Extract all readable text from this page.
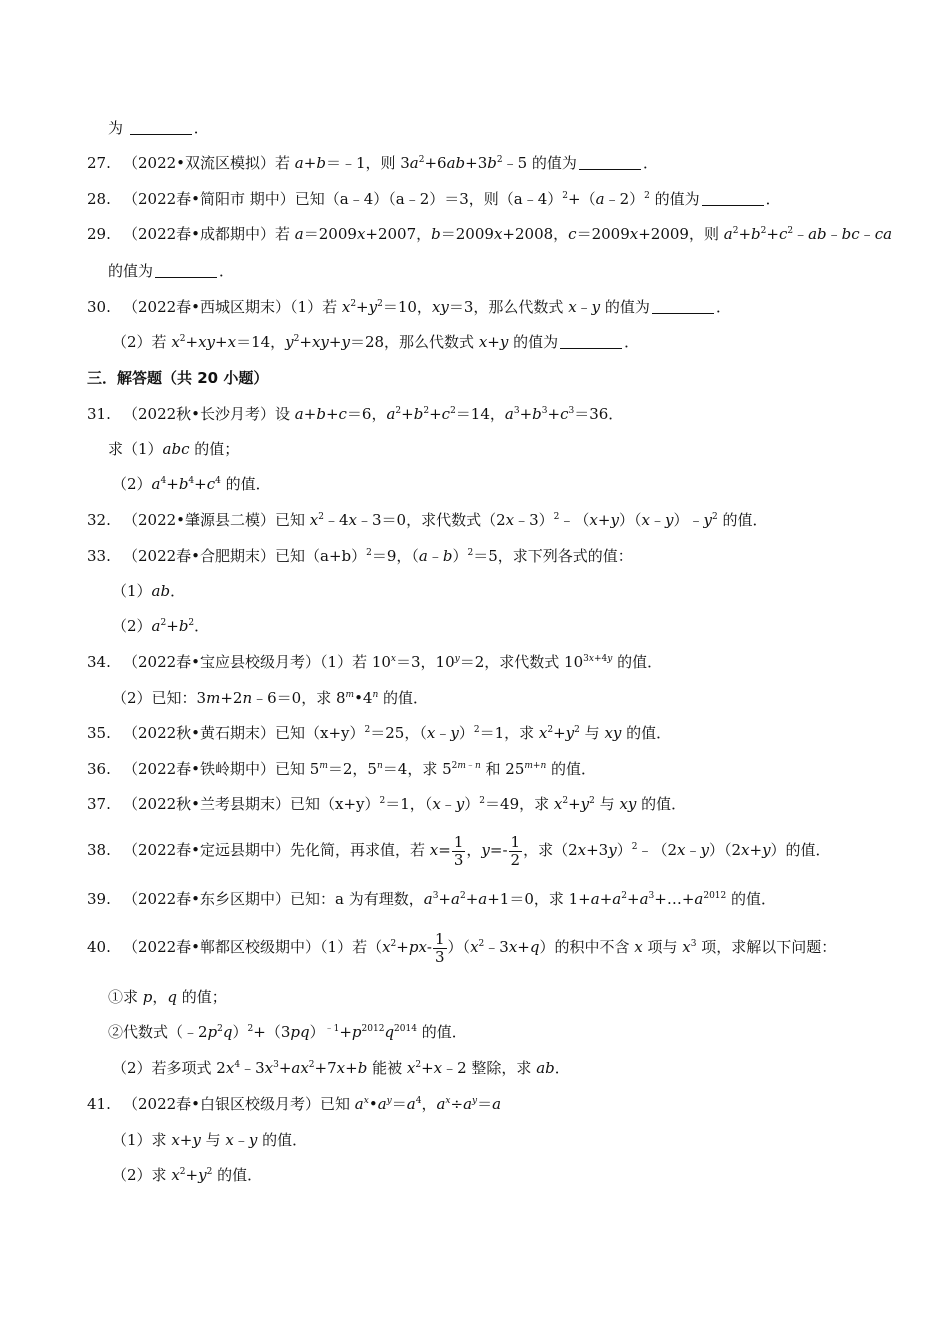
为	．
27. （2022•双流区模拟）若 a+b＝﹣1，则 $3a^2+6ab+3b^2﹣5$ 的值为	．
28. （2022春•简阳市 期中）已知（a﹣4）（a﹣2）＝3，则（a﹣4）$^2$+（a﹣2）$^2$ 的值为	．
29. （2022春•成都期中）若 a＝2009x+2007，b＝2009x+2008，c＝2009x+2009，则 $a^2+b^2+c^2﹣ab﹣bc﹣ca$
的值为	．
30. （2022春•西城区期末）（1）若 $x^2+y^2=10$，xy＝3，那么代数式 x﹣y 的值为	．
（2）若 $x^2+xy+x=14$，$y^2+xy+y=28$，那么代数式 x+y 的值为	．
三．解答题（共 20 小题）
31. （2022秋•长沙月考）设 a+b+c＝6，$a^2+b^2+c^2=14$，$a^3+b^3+c^3=36$．
求（1）abc 的值；
$(2)a^4+b^4+c^4$ 的值．
32. （2022•肇源县二模）已知 $x^2﹣4x﹣3=0$，求代数式$(2x﹣3)^2﹣(x+y)(x﹣y)﹣y^2$ 的值．
33. （2022春•合肥期末）已知$(a+b)^2=9$，（a﹣b）$^2$＝5，求下列各式的值：
（1）ab．
$(2)a^2+b^2$．
34. （2022春•宝应县校级月考）（1）若 $10^x=3$，$10^y=2$，求代数式 $10^{3x+4y}$ 的值．
（2）已知：3m+2n﹣6＝0，求 8$^m$•4$^n$ 的值．
35. （2022秋•黄石期末）已知$(x+y)^2=25$，（x﹣y）$^2$＝1，求 $x^2+y^2$ 与 xy 的值．
36. （2022春•铁岭期中）已知 $5^m=2$，$5^n=4$，求 $5^{2m﹣n}$ 和 $25^{m+n}$ 的值．
37. （2022秋•兰考县期末）已知$(x+y)^2=1$，（x﹣y）$^2$＝49，求 $x^2+y^2$ 与 xy 的值．
38. （2022春•定远县期中）先化简，再求值，若 $x= \frac{1}{3}$ ，$y=- \frac{1}{2}$ ，求$(2x+3y)^2﹣(2x﹣y)(2x+y)$的值．
39. （2022春•东乡区期中）已知：a 为有理数，$a^3+a^2+a+1=0$，求 $1+a+a^2+a^3+\dots+a^{2012}$ 的值．
40. （2022春•郸都区校级期中）（1）若（$x^2+px- \frac{1}{3}$ ）$(x^2﹣3x+q)$的积中不含 x 项与 $x^3$ 项，求解以下问题：
①求 p，q 的值；
②代数式$(﹣2p^2q)^2+(3pq)^{﹣1}+p^{2012}q^{2014}$ 的值．
（2）若多项式 $2x^4﹣3x^3+ax^2+7x+b$ 能被 $x^2+x﹣2$ 整除，求 ab．
41. （2022春•白银区校级月考）已知 $a^x•a^y=a^4$，$a^x\div a^y=a$
（1）求 x+y 与 x﹣y 的值．
（2）求 $x^2+y^2$ 的值．
